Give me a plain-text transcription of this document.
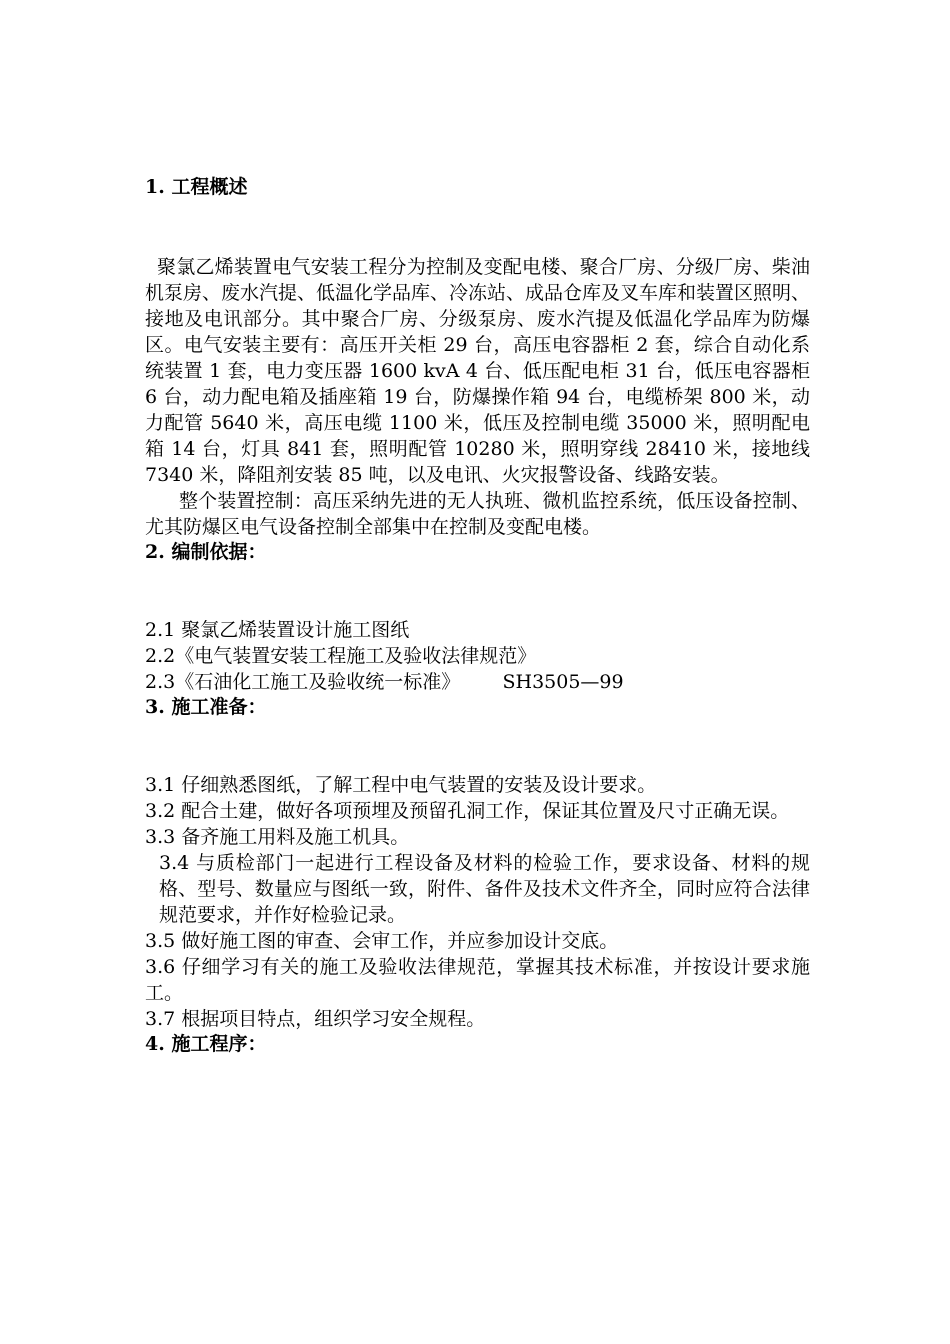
1. 工程概述

聚氯乙烯装置电气安装工程分为控制及变配电楼、聚合厂房、分级厂房、柴油机泵房、废水汽提、低温化学品库、冷冻站、成品仓库及叉车库和装置区照明、接地及电讯部分。其中聚合厂房、分级泵房、废水汽提及低温化学品库为防爆区。电气安装主要有：高压开关柜 29 台，高压电容器柜 2 套，综合自动化系统装置 1 套，电力变压器 1600 kvA 4 台、低压配电柜 31 台，低压电容器柜 6 台，动力配电箱及插座箱 19 台，防爆操作箱 94 台，电缆桥架 800 米，动力配管 5640 米，高压电缆 1100 米，低压及控制电缆 35000 米，照明配电箱 14 台，灯具 841 套，照明配管 10280 米，照明穿线 28410 米，接地线 7340 米，降阻剂安装 85 吨，以及电讯、火灾报警设备、线路安装。

整个装置控制：高压采纳先进的无人执班、微机监控系统，低压设备控制、尤其防爆区电气设备控制全部集中在控制及变配电楼。

2. 编制依据：

2.1 聚氯乙烯装置设计施工图纸

2.2《电气装置安装工程施工及验收法律规范》

2.3《石油化工施工及验收统一标准》       SH3505—99

3. 施工准备：

3.1 仔细熟悉图纸，了解工程中电气装置的安装及设计要求。

3.2 配合土建，做好各项预埋及预留孔洞工作，保证其位置及尺寸正确无误。

3.3 备齐施工用料及施工机具。

3.4 与质检部门一起进行工程设备及材料的检验工作，要求设备、材料的规格、型号、数量应与图纸一致，附件、备件及技术文件齐全，同时应符合法律规范要求，并作好检验记录。

3.5 做好施工图的审查、会审工作，并应参加设计交底。

3.6 仔细学习有关的施工及验收法律规范，掌握其技术标准，并按设计要求施工。

3.7 根据项目特点，组织学习安全规程。

4. 施工程序：
